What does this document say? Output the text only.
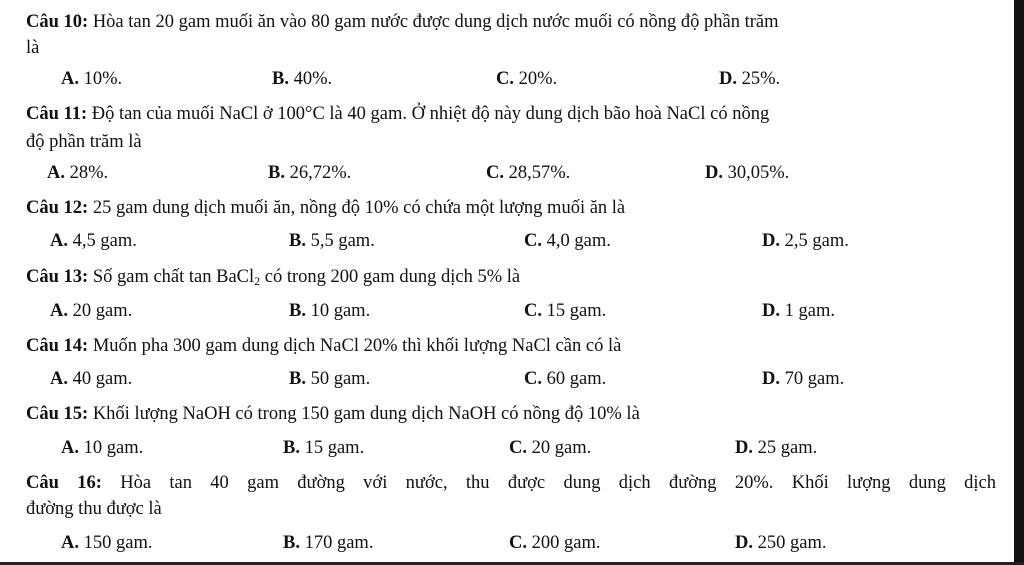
Câu 10: Hòa tan 20 gam muối ăn vào 80 gam nước được dung dịch nước muối có nồng độ phần trăm
là
A. 10%.	B. 40%.	C. 20%.	D. 25%.
Câu 11: Độ tan của muối NaCl ở 100°C là 40 gam. Ở nhiệt độ này dung dịch bão hoà NaCl có nồng
độ phần trăm là
A. 28%.	B. 26,72%.	C. 28,57%.	D. 30,05%.
Câu 12: 25 gam dung dịch muối ăn, nồng độ 10% có chứa một lượng muối ăn là
A. 4,5 gam.	B. 5,5 gam.	C. 4,0 gam.	D. 2,5 gam.
Câu 13: Số gam chất tan BaCl$_2$ có trong 200 gam dung dịch 5% là
A. 20 gam.	B. 10 gam.	C. 15 gam.	D. 1 gam.
Câu 14: Muốn pha 300 gam dung dịch NaCl 20% thì khối lượng NaCl cần có là
A. 40 gam.	B. 50 gam.	C. 60 gam.	D. 70 gam.
Câu 15: Khối lượng NaOH có trong 150 gam dung dịch NaOH có nồng độ 10% là
A. 10 gam.	B. 15 gam.	C. 20 gam.	D. 25 gam.
Câu 16: Hòa tan 40 gam đường với nước, thu được dung dịch đường 20%. Khối lượng dung dịch
đường thu được là
A. 150 gam.	B. 170 gam.	C. 200 gam.	D. 250 gam.
